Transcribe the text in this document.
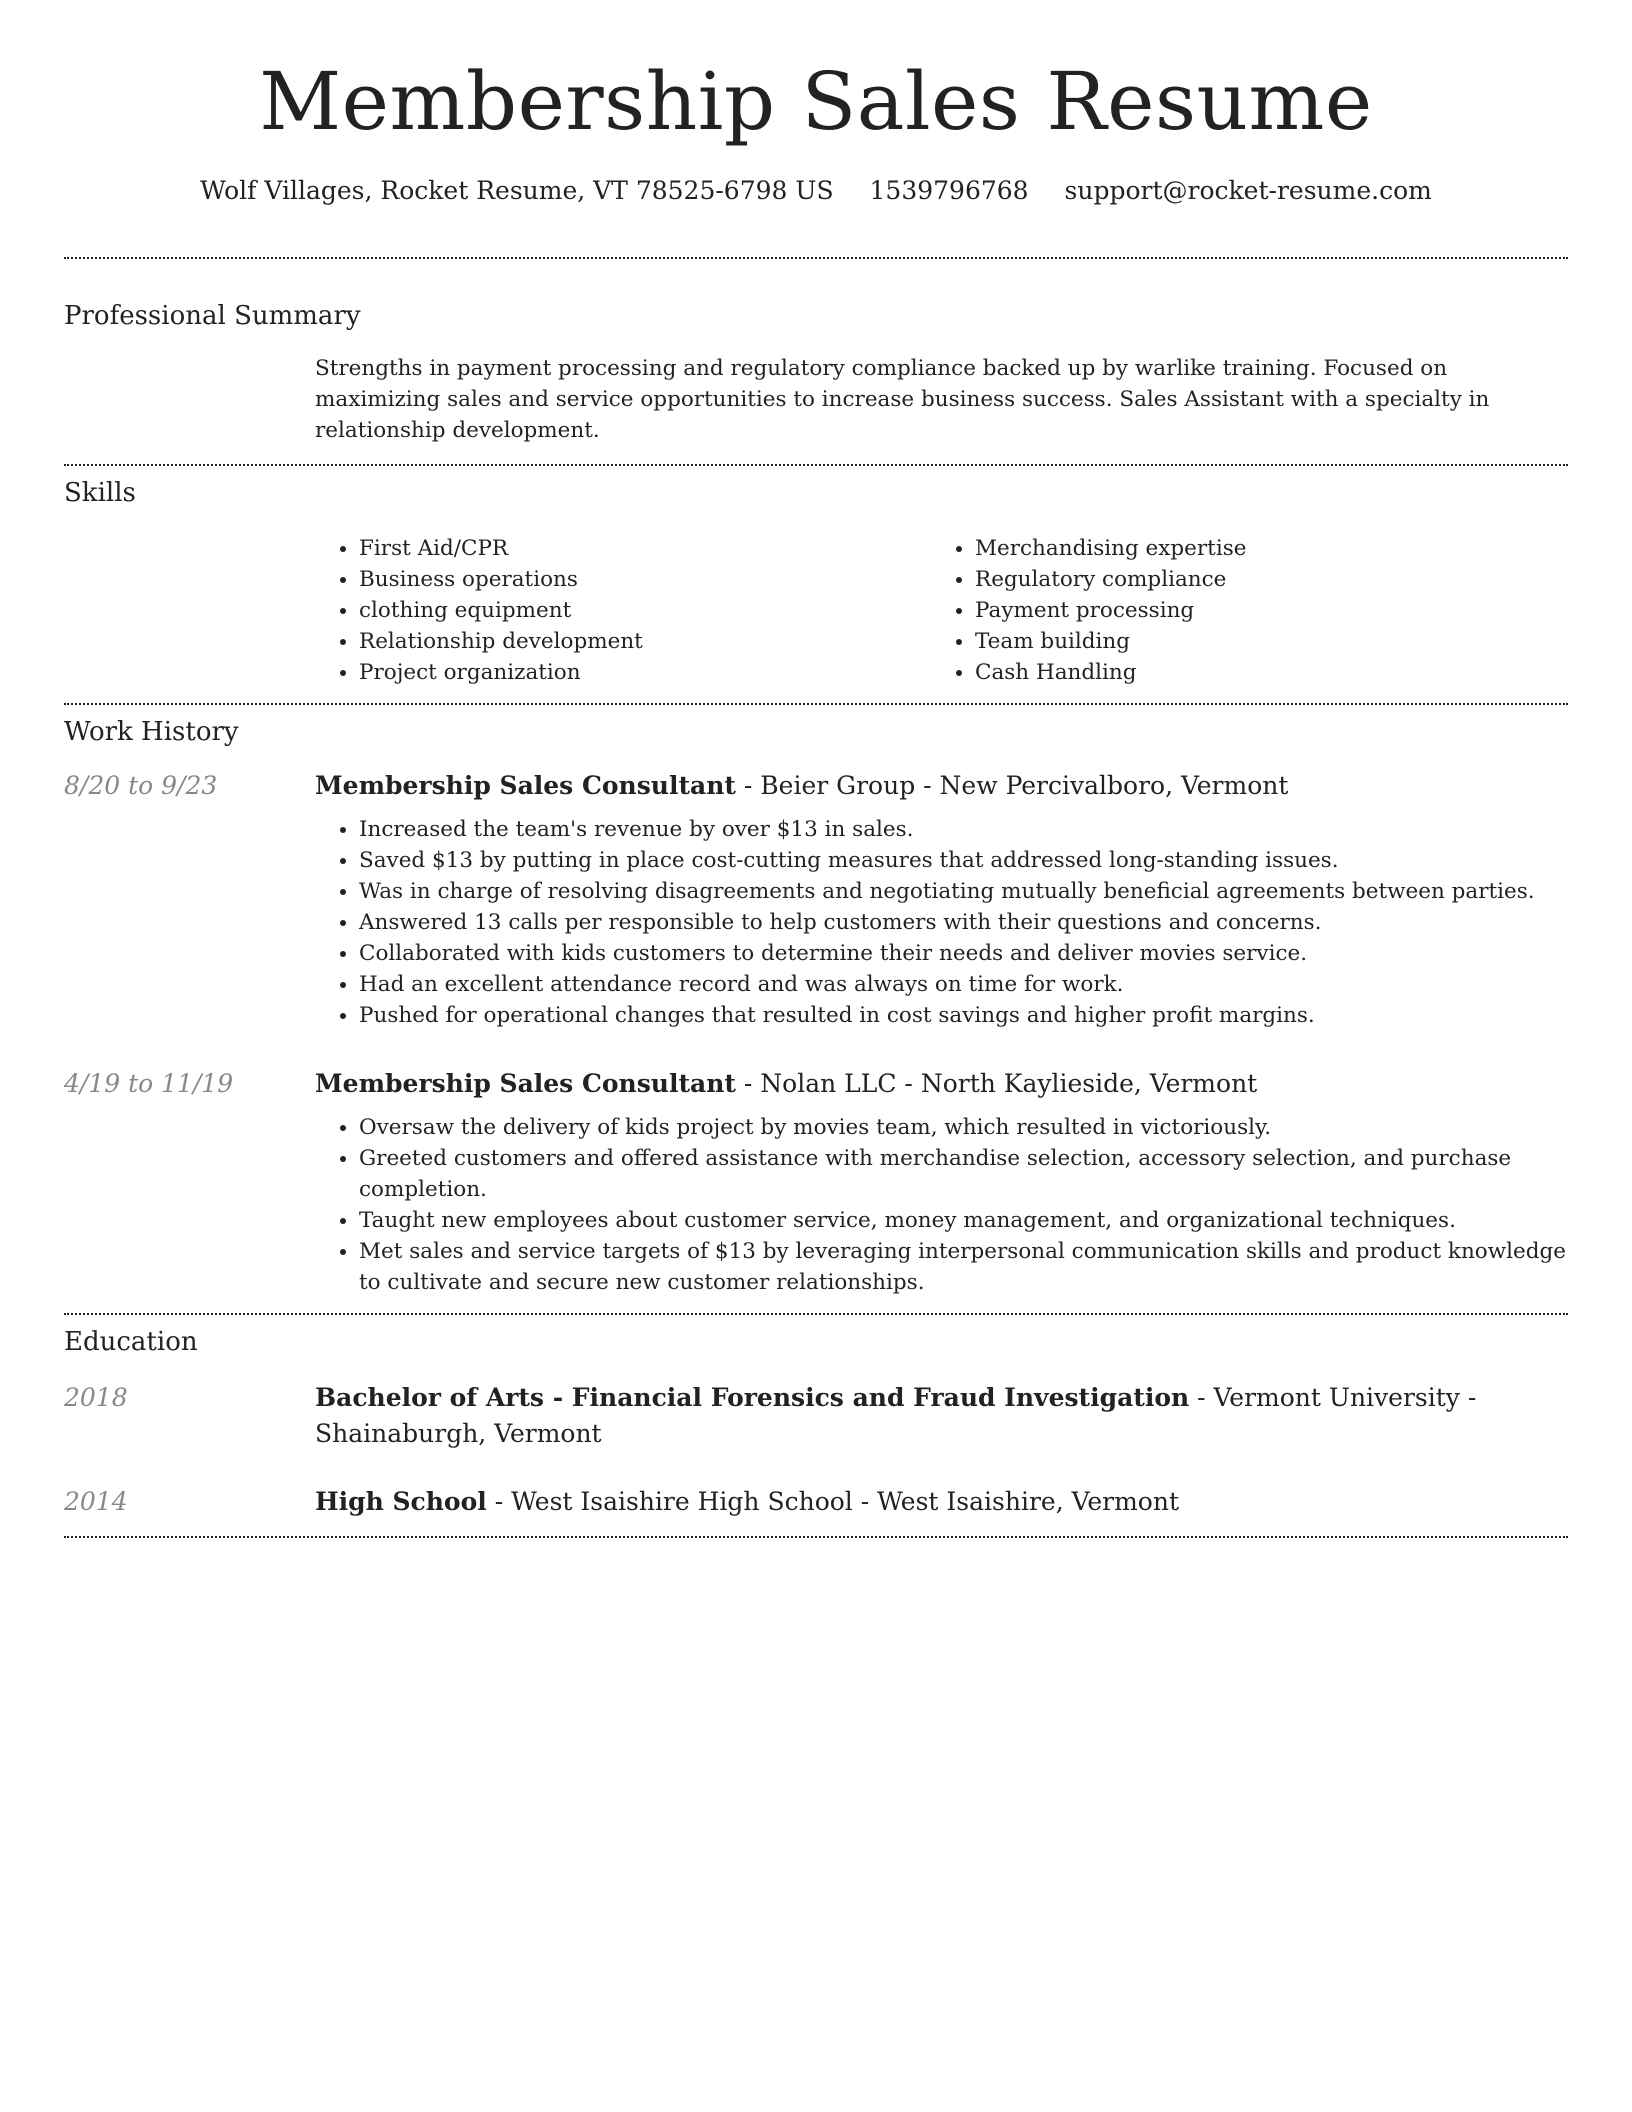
Membership Sales Resume
Wolf Villages, Rocket Resume, VT 78525-6798 US 1539796768 support@rocket-resume.com
Professional Summary
Strengths in payment processing and regulatory compliance backed up by warlike training. Focused on maximizing sales and service opportunities to increase business success. Sales Assistant with a specialty in relationship development.
Skills
• First Aid/CPR
• Business operations
• clothing equipment
• Relationship development
• Project organization
• Merchandising expertise
• Regulatory compliance
• Payment processing
• Team building
• Cash Handling
Work History
8/20 to 9/23	Membership Sales Consultant - Beier Group - New Percivalboro, Vermont
• Increased the team's revenue by over $13 in sales.
• Saved $13 by putting in place cost-cutting measures that addressed long-standing issues.
• Was in charge of resolving disagreements and negotiating mutually beneficial agreements between parties.
• Answered 13 calls per responsible to help customers with their questions and concerns.
• Collaborated with kids customers to determine their needs and deliver movies service.
• Had an excellent attendance record and was always on time for work.
• Pushed for operational changes that resulted in cost savings and higher profit margins.
4/19 to 11/19	Membership Sales Consultant - Nolan LLC - North Kaylieside, Vermont
• Oversaw the delivery of kids project by movies team, which resulted in victoriously.
• Greeted customers and offered assistance with merchandise selection, accessory selection, and purchase completion.
• Taught new employees about customer service, money management, and organizational techniques.
• Met sales and service targets of $13 by leveraging interpersonal communication skills and product knowledge to cultivate and secure new customer relationships.
Education
2018	Bachelor of Arts - Financial Forensics and Fraud Investigation - Vermont University - Shainaburgh, Vermont
2014	High School - West Isaishire High School - West Isaishire, Vermont
